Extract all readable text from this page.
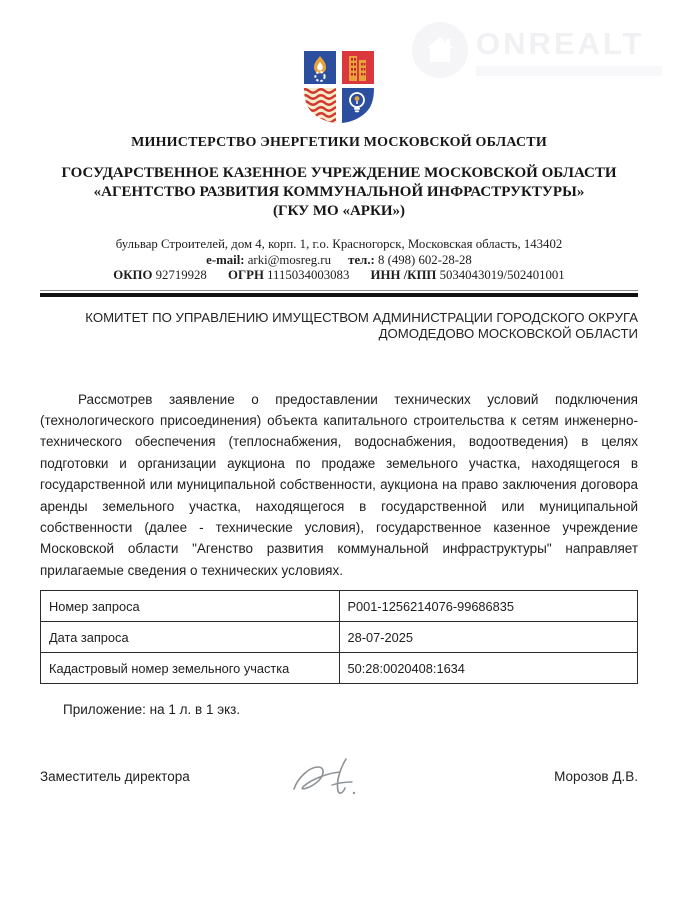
ONREALT
МИНИСТЕРСТВО ЭНЕРГЕТИКИ МОСКОВСКОЙ ОБЛАСТИ
ГОСУДАРСТВЕННОЕ КАЗЕННОЕ УЧРЕЖДЕНИЕ МОСКОВСКОЙ ОБЛАСТИ
«АГЕНТСТВО РАЗВИТИЯ КОММУНАЛЬНОЙ ИНФРАСТРУКТУРЫ»
(ГКУ МО «АРКИ»)
бульвар Строителей, дом 4, корп. 1, г.о. Красногорск, Московская область, 143402
e-mail: arki@mosreg.ru тел.: 8 (498) 602-28-28
ОКПО 92719928 ОГРН 1115034003083 ИНН /КПП 5034043019/502401001
КОМИТЕТ ПО УПРАВЛЕНИЮ ИМУЩЕСТВОМ АДМИНИСТРАЦИИ ГОРОДСКОГО ОКРУГА
ДОМОДЕДОВО МОСКОВСКОЙ ОБЛАСТИ

Рассмотрев заявление о предоставлении технических условий подключения (технологического присоединения) объекта капитального строительства к сетям инженерно-технического обеспечения (теплоснабжения, водоснабжения, водоотведения) в целях подготовки и организации аукциона по продаже земельного участка, находящегося в государственной или муниципальной собственности, аукциона на право заключения договора аренды земельного участка, находящегося в государственной или муниципальной собственности (далее - технические условия), государственное казенное учреждение Московской области "Агенство развития коммунальной инфраструктуры" направляет прилагаемые сведения о технических условиях.

Номер запроса	P001-1256214076-99686835
Дата запроса	28-07-2025
Кадастровый номер земельного участка	50:28:0020408:1634
Приложение: на 1 л. в 1 экз.
Заместитель директора	Морозов Д.В.
